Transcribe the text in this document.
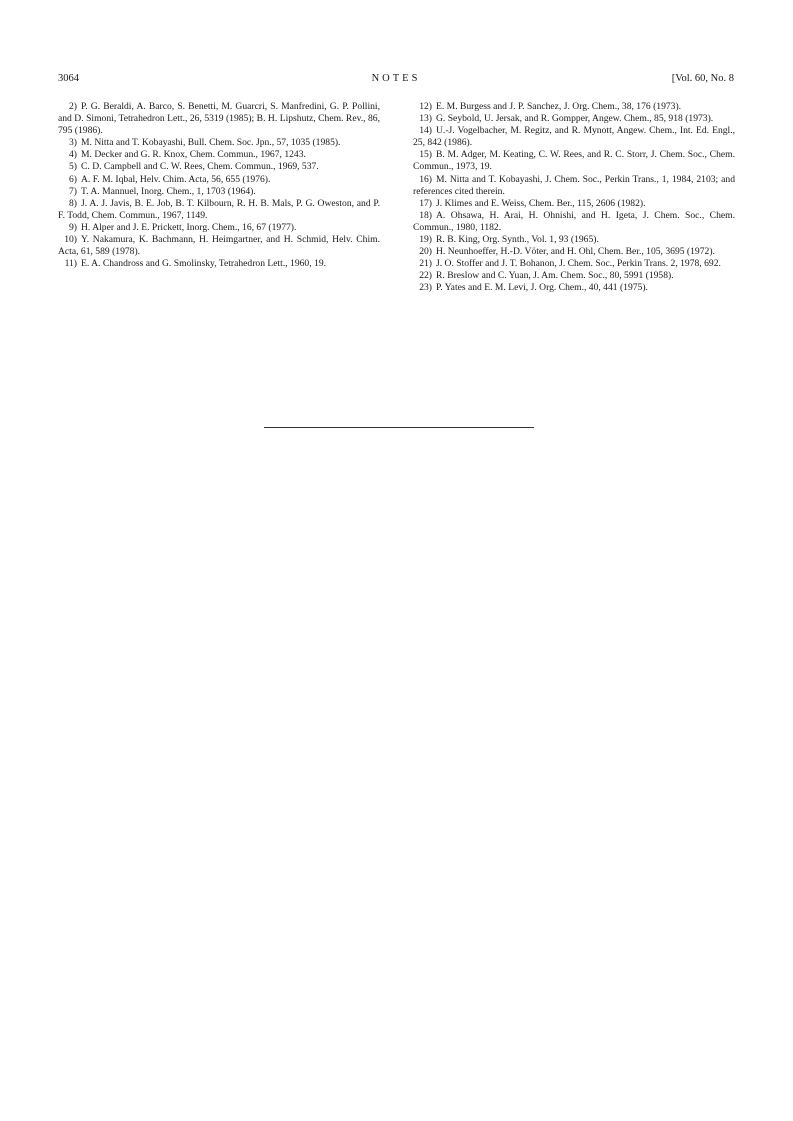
3064	NOTES	[Vol. 60, No. 8

2) P. G. Beraldi, A. Barco, S. Benetti, M. Guarcri, S. Manfredini, G. P. Pollini, and D. Simoni, Tetrahedron Lett., 26, 5319 (1985); B. H. Lipshutz, Chem. Rev., 86, 795 (1986).

3) M. Nitta and T. Kobayashi, Bull. Chem. Soc. Jpn., 57, 1035 (1985).

4) M. Decker and G. R. Knox, Chem. Commun., 1967, 1243.

5) C. D. Campbell and C. W. Rees, Chem. Commun., 1969, 537.

6) A. F. M. Iqbal, Helv. Chim. Acta, 56, 655 (1976).

7) T. A. Mannuel, Inorg. Chem., 1, 1703 (1964).

8) J. A. J. Javis, B. E. Job, B. T. Kilbourn, R. H. B. Mals, P. G. Oweston, and P. F. Todd, Chem. Commun., 1967, 1149.

9) H. Alper and J. E. Prickett, Inorg. Chem., 16, 67 (1977).

10) Y. Nakamura, K. Bachmann, H. Heimgartner, and H. Schmid, Helv. Chim. Acta, 61, 589 (1978).

11) E. A. Chandross and G. Smolinsky, Tetrahedron Lett., 1960, 19.

12) E. M. Burgess and J. P. Sanchez, J. Org. Chem., 38, 176 (1973).

13) G. Seybold, U. Jersak, and R. Gompper, Angew. Chem., 85, 918 (1973).

14) U.-J. Vogelbacher, M. Regitz, and R. Mynott, Angew. Chem., Int. Ed. Engl., 25, 842 (1986).

15) B. M. Adger, M. Keating, C. W. Rees, and R. C. Storr, J. Chem. Soc., Chem. Commun., 1973, 19.

16) M. Nitta and T. Kobayashi, J. Chem. Soc., Perkin Trans., 1, 1984, 2103; and references cited therein.

17) J. Klimes and E. Weiss, Chem. Ber., 115, 2606 (1982).

18) A. Ohsawa, H. Arai, H. Ohnishi, and H. Igeta, J. Chem. Soc., Chem. Commun., 1980, 1182.

19) R. B. King, Org. Synth., Vol. 1, 93 (1965).

20) H. Neunhoeffer, H.-D. Vöter, and H. Ohl, Chem. Ber., 105, 3695 (1972).

21) J. O. Stoffer and J. T. Bohanon, J. Chem. Soc., Perkin Trans. 2, 1978, 692.

22) R. Breslow and C. Yuan, J. Am. Chem. Soc., 80, 5991 (1958).

23) P. Yates and E. M. Levi, J. Org. Chem., 40, 441 (1975).
